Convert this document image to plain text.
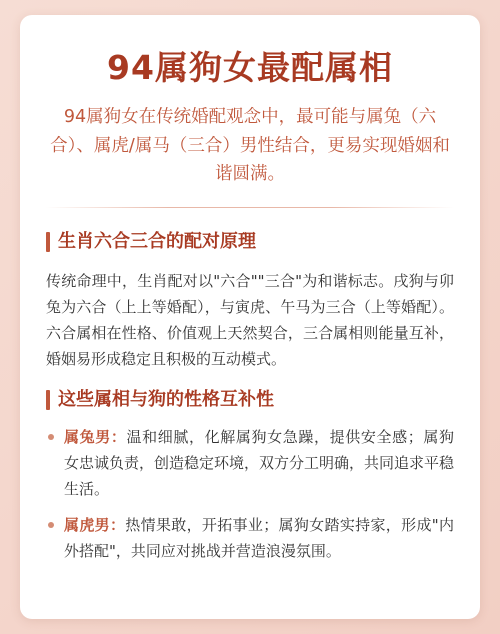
94属狗女最配属相

94属狗女在传统婚配观念中，最可能与属兔（六合）、属虎/属马（三合）男性结合，更易实现婚姻和谐圆满。

生肖六合三合的配对原理

传统命理中，生肖配对以"六合""三合"为和谐标志。戌狗与卯兔为六合（上上等婚配），与寅虎、午马为三合（上等婚配）。六合属相在性格、价值观上天然契合，三合属相则能量互补，婚姻易形成稳定且积极的互动模式。

这些属相与狗的性格互补性
属兔男：温和细腻，化解属狗女急躁，提供安全感；属狗女忠诚负责，创造稳定环境，双方分工明确，共同追求平稳生活。
属虎男：热情果敢，开拓事业；属狗女踏实持家，形成"内外搭配"，共同应对挑战并营造浪漫氛围。
